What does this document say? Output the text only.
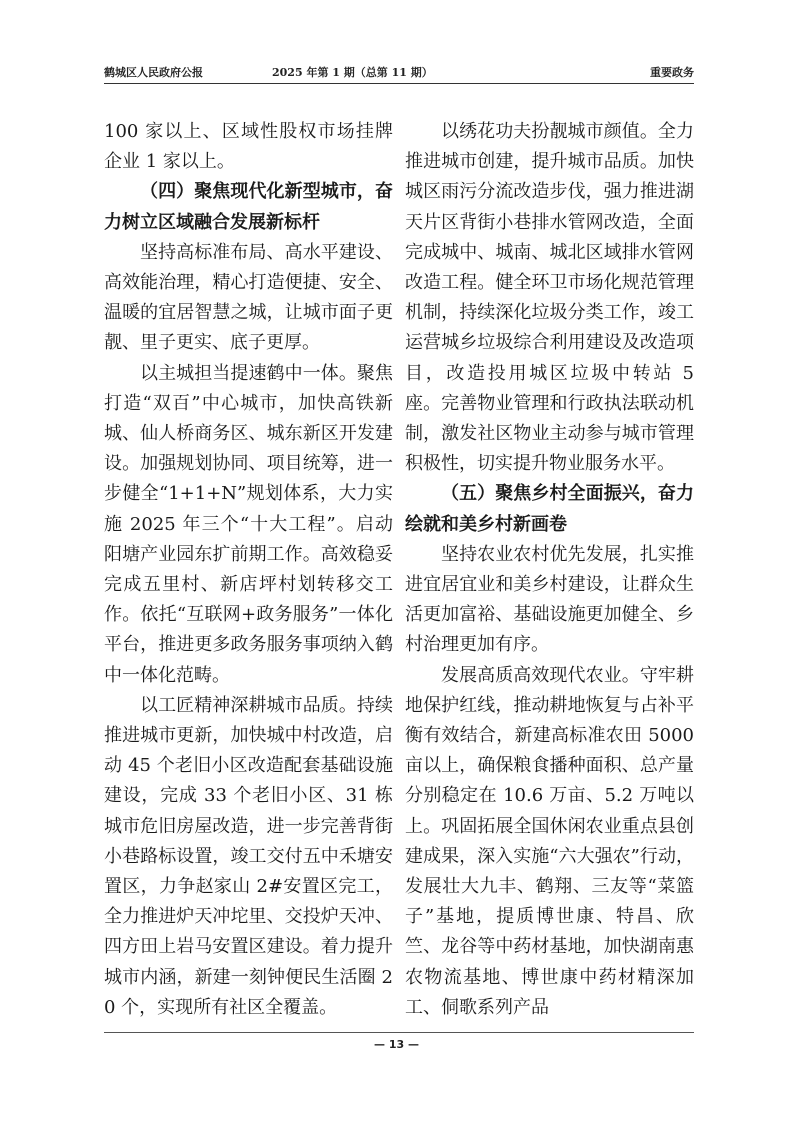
鹤城区人民政府公报	2025 年第 1 期（总第 11 期）	重要政务

100 家以上、区域性股权市场挂牌企业 1 家以上。

（四）聚焦现代化新型城市，奋力树立区域融合发展新标杆

坚持高标准布局、高水平建设、高效能治理，精心打造便捷、安全、温暖的宜居智慧之城，让城市面子更靓、里子更实、底子更厚。

以主城担当提速鹤中一体。聚焦打造“双百”中心城市，加快高铁新城、仙人桥商务区、城东新区开发建设。加强规划协同、项目统筹，进一步健全“1+1+N”规划体系，大力实施 2025 年三个“十大工程”。启动阳塘产业园东扩前期工作。高效稳妥完成五里村、新店坪村划转移交工作。依托“互联网+政务服务”一体化平台，推进更多政务服务事项纳入鹤中一体化范畴。

以工匠精神深耕城市品质。持续推进城市更新，加快城中村改造，启动 45 个老旧小区改造配套基础设施建设，完成 33 个老旧小区、31 栋城市危旧房屋改造，进一步完善背街小巷路标设置，竣工交付五中禾塘安置区，力争赵家山 2#安置区完工，全力推进炉天冲坨里、交投炉天冲、四方田上岩马安置区建设。着力提升城市内涵，新建一刻钟便民生活圈 20 个，实现所有社区全覆盖。

以绣花功夫扮靓城市颜值。全力推进城市创建，提升城市品质。加快城区雨污分流改造步伐，强力推进湖天片区背街小巷排水管网改造，全面完成城中、城南、城北区域排水管网改造工程。健全环卫市场化规范管理机制，持续深化垃圾分类工作，竣工运营城乡垃圾综合利用建设及改造项目，改造投用城区垃圾中转站 5 座。完善物业管理和行政执法联动机制，激发社区物业主动参与城市管理积极性，切实提升物业服务水平。

（五）聚焦乡村全面振兴，奋力绘就和美乡村新画卷

坚持农业农村优先发展，扎实推进宜居宜业和美乡村建设，让群众生活更加富裕、基础设施更加健全、乡村治理更加有序。

发展高质高效现代农业。守牢耕地保护红线，推动耕地恢复与占补平衡有效结合，新建高标准农田 5000 亩以上，确保粮食播种面积、总产量分别稳定在 10.6 万亩、5.2 万吨以上。巩固拓展全国休闲农业重点县创建成果，深入实施“六大强农”行动，发展壮大九丰、鹤翔、三友等“菜篮子”基地，提质博世康、特昌、欣竺、龙谷等中药材基地，加快湖南惠农物流基地、博世康中药材精深加工、侗歌系列产品

— 13 —
